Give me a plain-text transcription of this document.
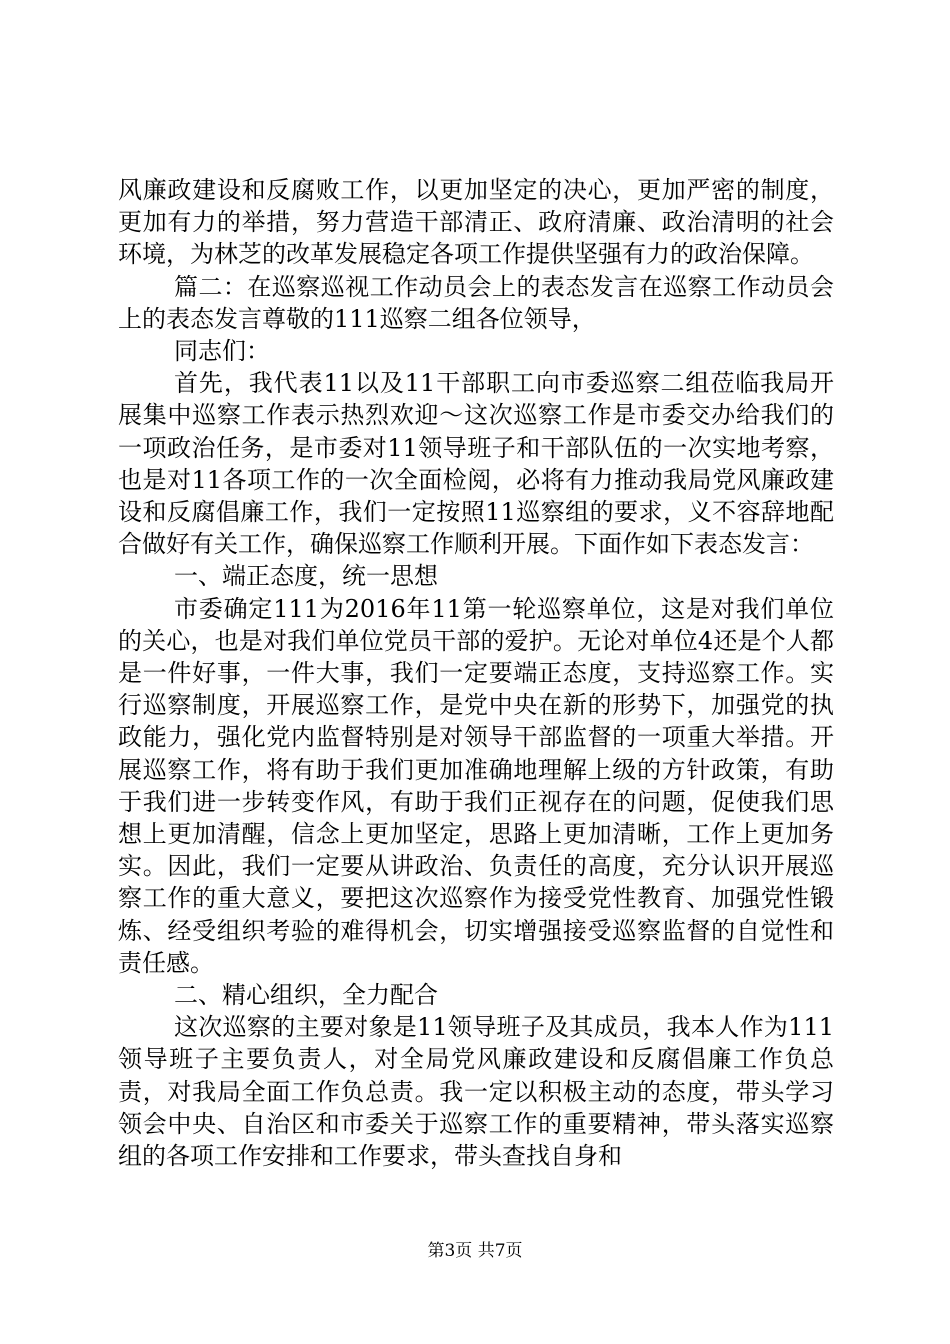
风廉政建设和反腐败工作，以更加坚定的决心，更加严密的制度，更加有力的举措，努力营造干部清正、政府清廉、政治清明的社会环境，为林芝的改革发展稳定各项工作提供坚强有力的政治保障。

篇二：在巡察巡视工作动员会上的表态发言在巡察工作动员会上的表态发言尊敬的111巡察二组各位领导，

同志们：

首先，我代表11以及11干部职工向市委巡察二组莅临我局开展集中巡察工作表示热烈欢迎～这次巡察工作是市委交办给我们的一项政治任务，是市委对11领导班子和干部队伍的一次实地考察，也是对11各项工作的一次全面检阅，必将有力推动我局党风廉政建设和反腐倡廉工作，我们一定按照11巡察组的要求，义不容辞地配合做好有关工作，确保巡察工作顺利开展。下面作如下表态发言：

一、端正态度，统一思想

市委确定111为2016年11第一轮巡察单位，这是对我们单位的关心，也是对我们单位党员干部的爱护。无论对单位4还是个人都是一件好事，一件大事，我们一定要端正态度，支持巡察工作。实行巡察制度，开展巡察工作，是党中央在新的形势下，加强党的执政能力，强化党内监督特别是对领导干部监督的一项重大举措。开展巡察工作，将有助于我们更加准确地理解上级的方针政策，有助于我们进一步转变作风，有助于我们正视存在的问题，促使我们思想上更加清醒，信念上更加坚定，思路上更加清晰，工作上更加务实。因此，我们一定要从讲政治、负责任的高度，充分认识开展巡察工作的重大意义，要把这次巡察作为接受党性教育、加强党性锻炼、经受组织考验的难得机会，切实增强接受巡察监督的自觉性和责任感。

二、精心组织，全力配合

这次巡察的主要对象是11领导班子及其成员，我本人作为111领导班子主要负责人，对全局党风廉政建设和反腐倡廉工作负总责，对我局全面工作负总责。我一定以积极主动的态度，带头学习领会中央、自治区和市委关于巡察工作的重要精神，带头落实巡察组的各项工作安排和工作要求，带头查找自身和

第3页 共7页
